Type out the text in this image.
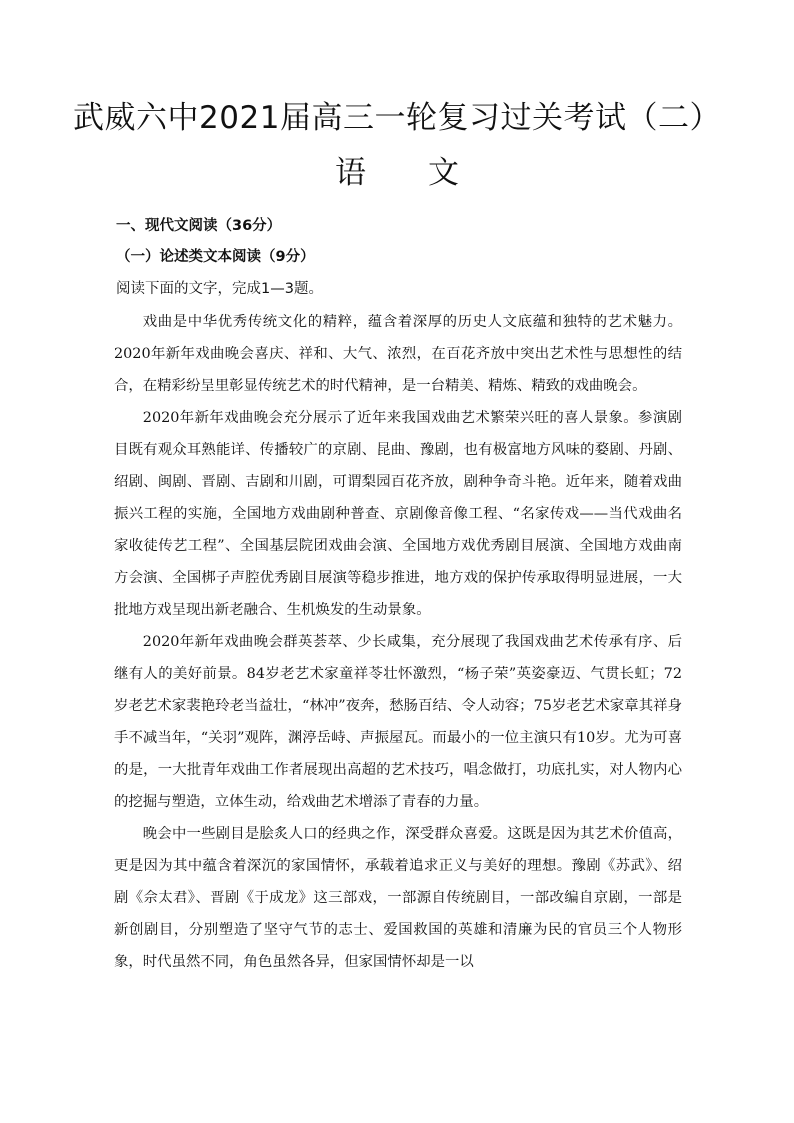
武威六中2021届高三一轮复习过关考试（二）
语 文
一、现代文阅读（36分）
（一）论述类文本阅读（9分）
阅读下面的文字，完成1—3题。

戏曲是中华优秀传统文化的精粹，蕴含着深厚的历史人文底蕴和独特的艺术魅力。2020年新年戏曲晚会喜庆、祥和、大气、浓烈，在百花齐放中突出艺术性与思想性的结合，在精彩纷呈里彰显传统艺术的时代精神，是一台精美、精炼、精致的戏曲晚会。

2020年新年戏曲晚会充分展示了近年来我国戏曲艺术繁荣兴旺的喜人景象。参演剧目既有观众耳熟能详、传播较广的京剧、昆曲、豫剧，也有极富地方风味的婺剧、丹剧、绍剧、闽剧、晋剧、吉剧和川剧，可谓梨园百花齐放，剧种争奇斗艳。近年来，随着戏曲振兴工程的实施，全国地方戏曲剧种普查、京剧像音像工程、“名家传戏——当代戏曲名家收徒传艺工程”、全国基层院团戏曲会演、全国地方戏优秀剧目展演、全国地方戏曲南方会演、全国梆子声腔优秀剧目展演等稳步推进，地方戏的保护传承取得明显进展，一大批地方戏呈现出新老融合、生机焕发的生动景象。

2020年新年戏曲晚会群英荟萃、少长咸集，充分展现了我国戏曲艺术传承有序、后继有人的美好前景。84岁老艺术家童祥苓壮怀激烈，“杨子荣”英姿豪迈、气贯长虹；72岁老艺术家裴艳玲老当益壮，“林冲”夜奔，愁肠百结、令人动容；75岁老艺术家章其祥身手不减当年，“关羽”观阵，渊渟岳峙、声振屋瓦。而最小的一位主演只有10岁。尤为可喜的是，一大批青年戏曲工作者展现出高超的艺术技巧，唱念做打，功底扎实，对人物内心的挖掘与塑造，立体生动，给戏曲艺术增添了青春的力量。

晚会中一些剧目是脍炙人口的经典之作，深受群众喜爱。这既是因为其艺术价值高，更是因为其中蕴含着深沉的家国情怀，承载着追求正义与美好的理想。豫剧《苏武》、绍剧《佘太君》、晋剧《于成龙》这三部戏，一部源自传统剧目，一部改编自京剧，一部是新创剧目，分别塑造了坚守气节的志士、爱国救国的英雄和清廉为民的官员三个人物形象，时代虽然不同，角色虽然各异，但家国情怀却是一以
